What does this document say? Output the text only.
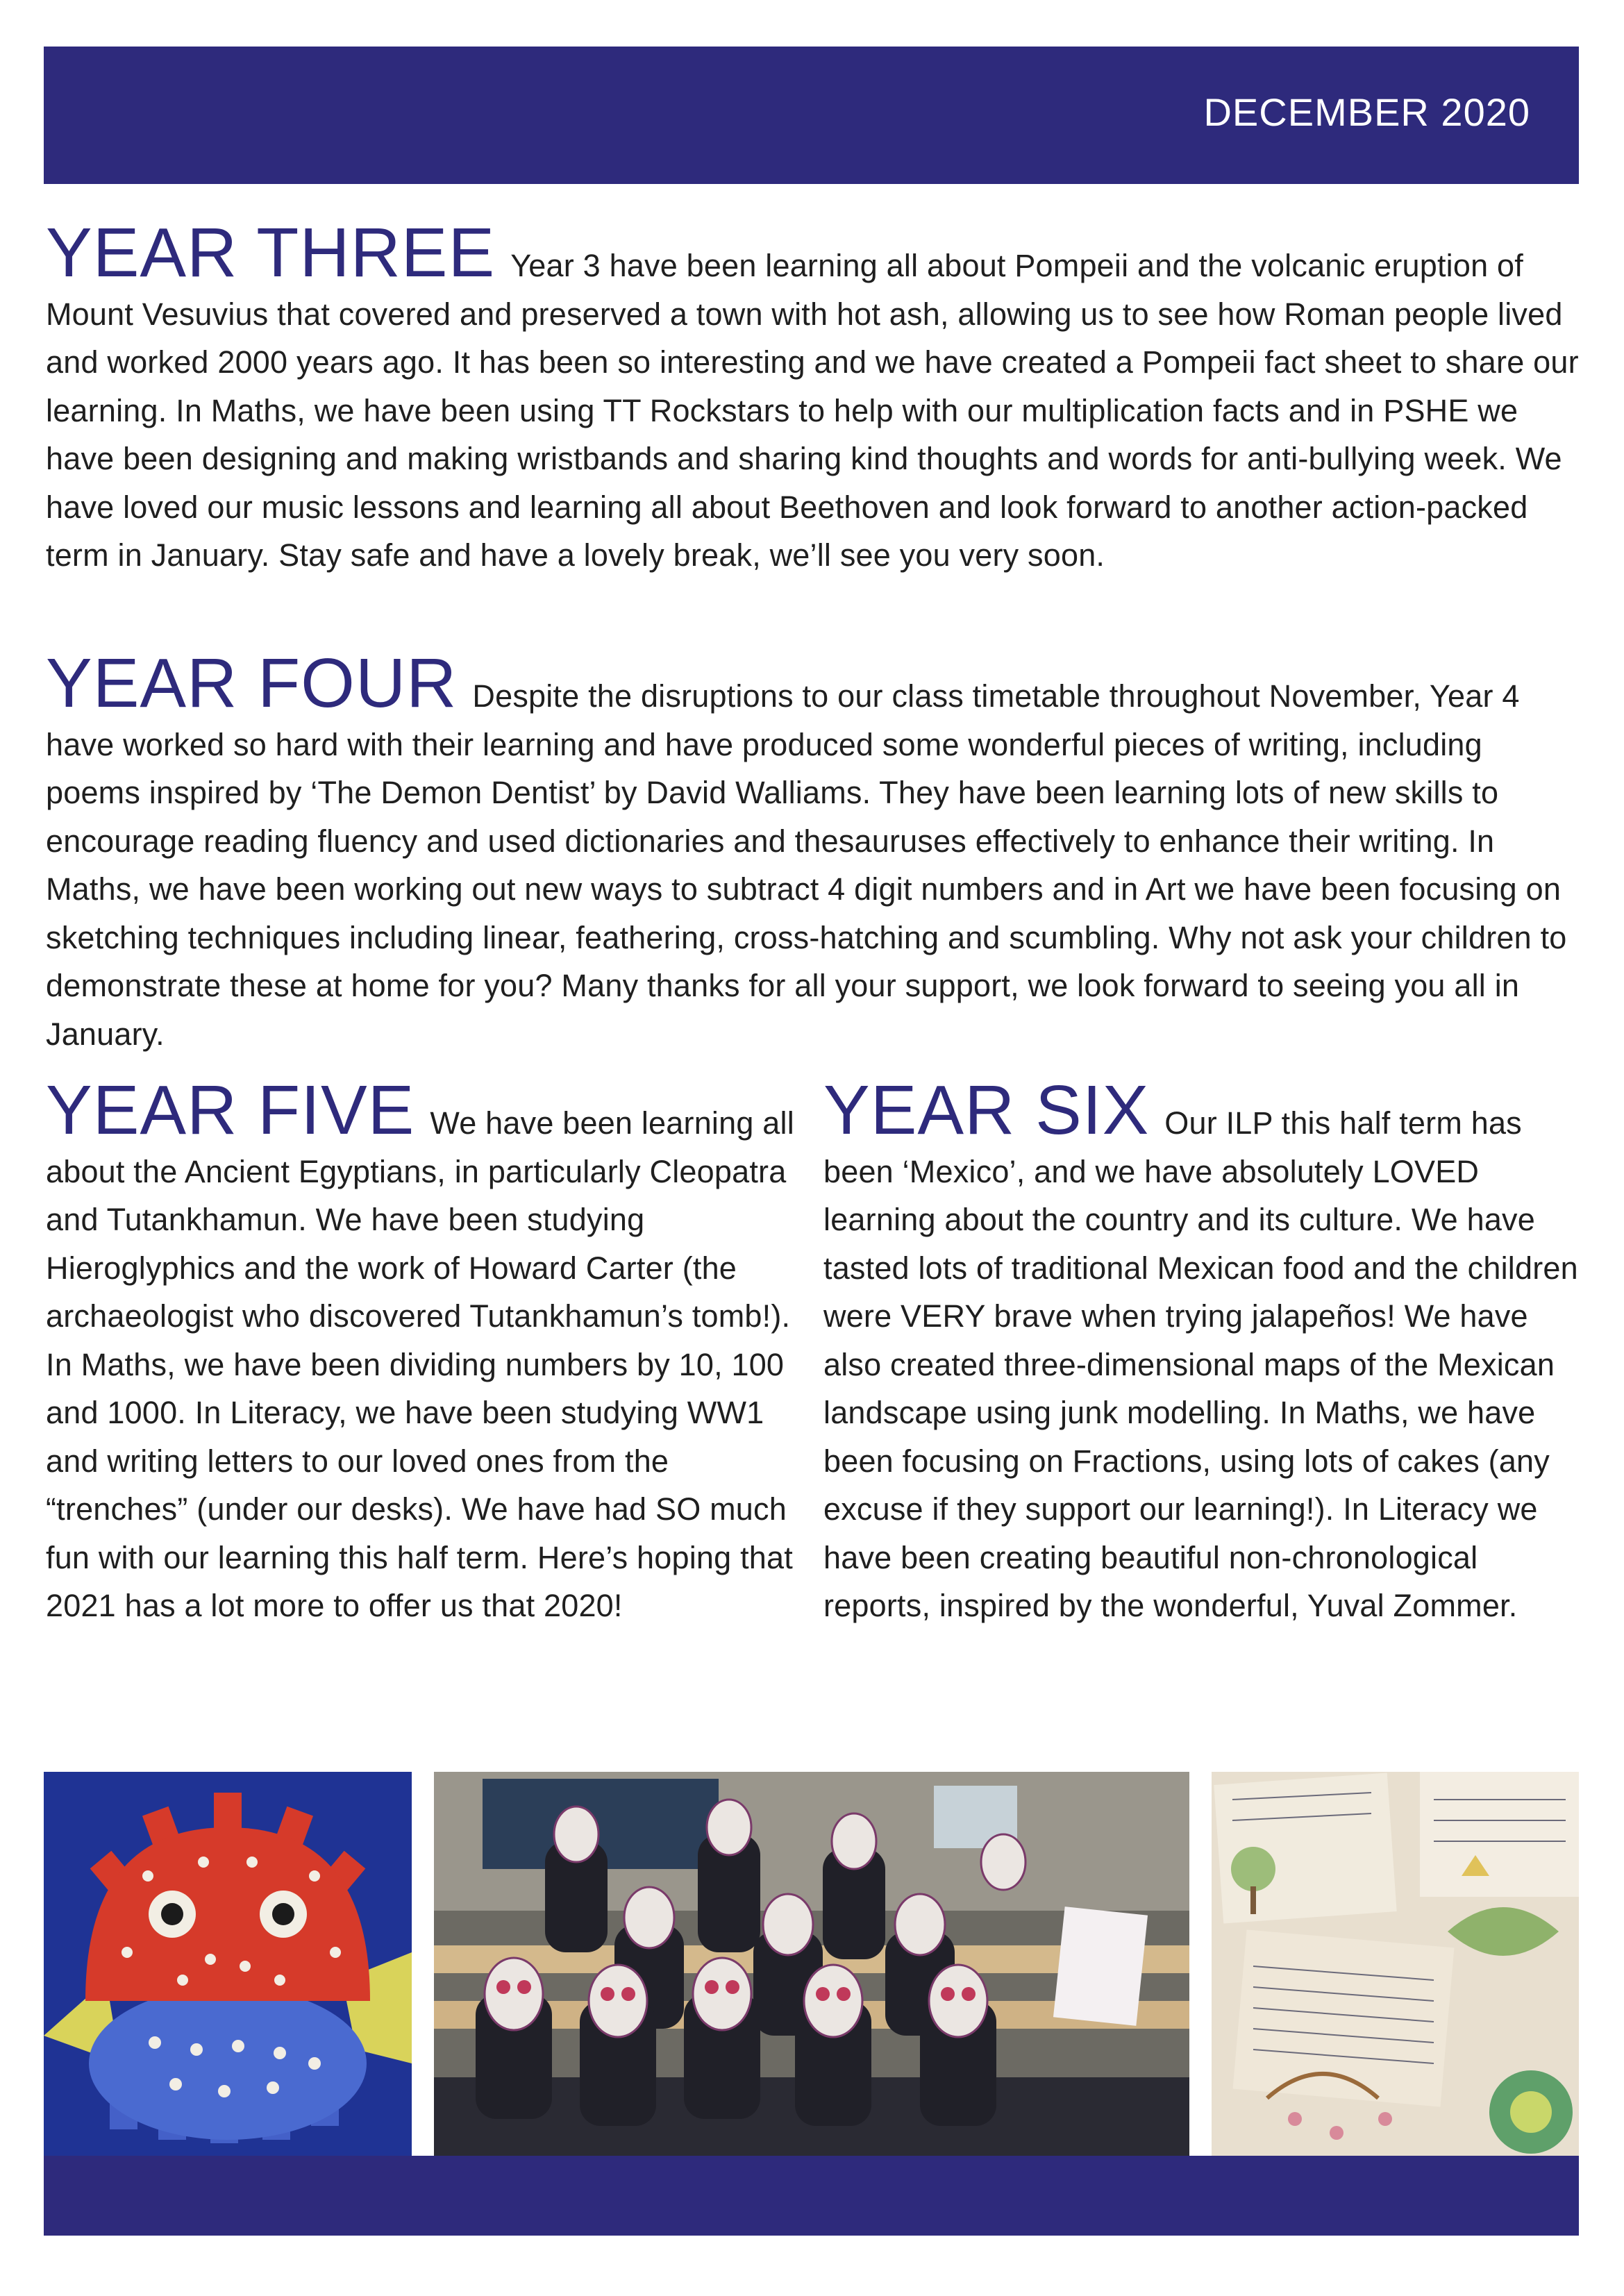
DECEMBER 2020

YEAR THREE Year 3 have been learning all about Pompeii and the volcanic eruption of Mount Vesuvius that covered and preserved a town with hot ash, allowing us to see how Roman people lived and worked 2000 years ago. It has been so interesting and we have created a Pompeii fact sheet to share our learning. In Maths, we have been using TT Rockstars to help with our multiplication facts and in PSHE we have been designing and making wristbands and sharing kind thoughts and words for anti-bullying week. We have loved our music lessons and learning all about Beethoven and look forward to another action-packed term in January. Stay safe and have a lovely break, we’ll see you very soon.

YEAR FOUR Despite the disruptions to our class timetable throughout November, Year 4 have worked so hard with their learning and have produced some wonderful pieces of writing, including poems inspired by ‘The Demon Dentist’ by David Walliams. They have been learning lots of new skills to encourage reading fluency and used dictionaries and thesauruses effectively to enhance their writing. In Maths, we have been working out new ways to subtract 4 digit numbers and in Art we have been focusing on sketching techniques including linear, feathering, cross-hatching and scumbling. Why not ask your children to demonstrate these at home for you? Many thanks for all your support, we look forward to seeing you all in January.

YEAR FIVE We have been learning all about the Ancient Egyptians, in particularly Cleopatra and Tutankhamun. We have been studying Hieroglyphics and the work of Howard Carter (the archaeologist who discovered Tutankhamun’s tomb!). In Maths, we have been dividing numbers by 10, 100 and 1000. In Literacy, we have been studying WW1 and writing letters to our loved ones from the “trenches” (under our desks). We have had SO much fun with our learning this half term. Here’s hoping that 2021 has a lot more to offer us that 2020!

YEAR SIX Our ILP this half term has been ‘Mexico’, and we have absolutely LOVED learning about the country and its culture. We have tasted lots of traditional Mexican food and the children were VERY brave when trying jalapeños! We have also created three-dimensional maps of the Mexican landscape using junk modelling. In Maths, we have been focusing on Fractions, using lots of cakes (any excuse if they support our learning!). In Literacy we have been creating beautiful non-chronological reports, inspired by the wonderful, Yuval Zommer.
